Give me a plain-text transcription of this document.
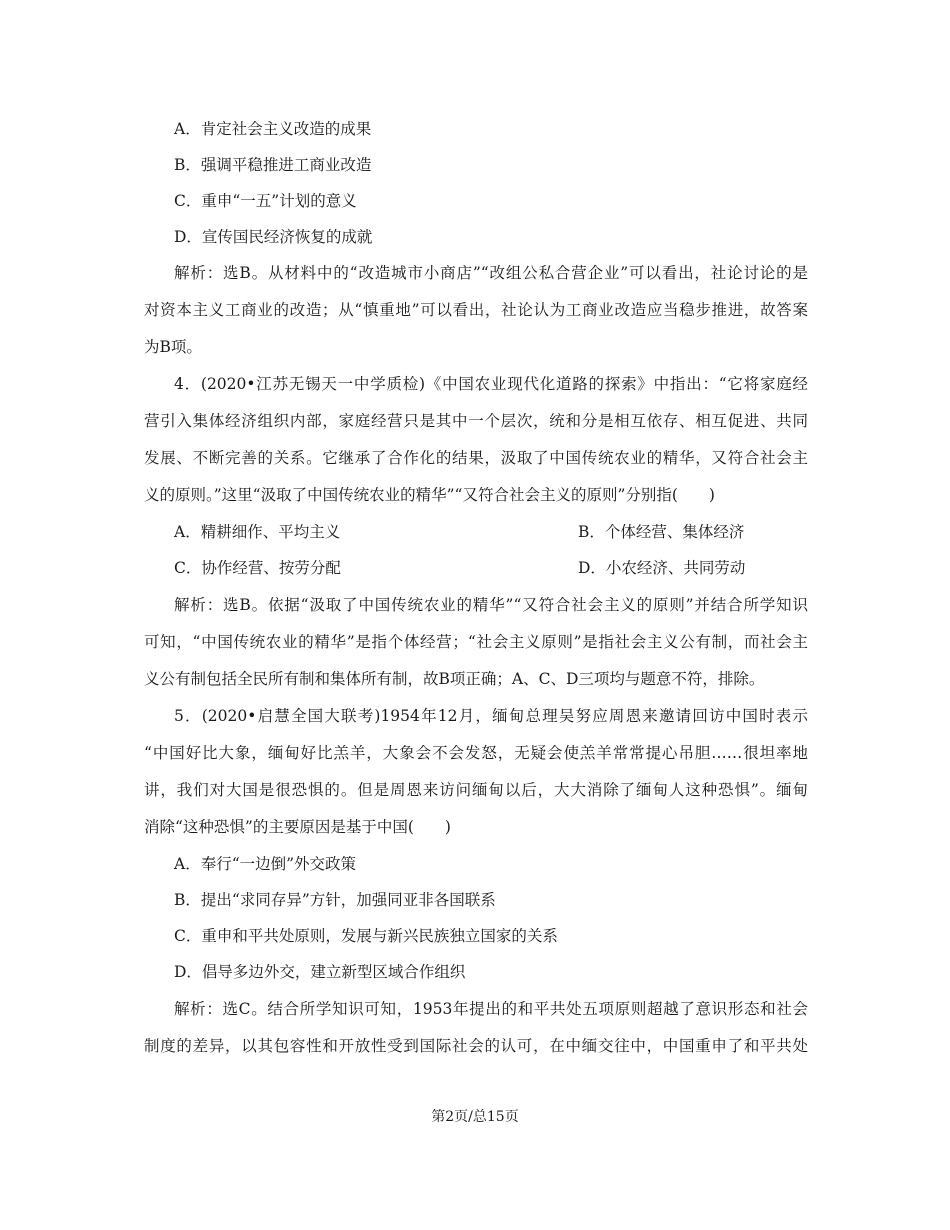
A．肯定社会主义改造的成果
B．强调平稳推进工商业改造
C．重申“一五”计划的意义
D．宣传国民经济恢复的成就
解析：选B。从材料中的“改造城市小商店”“改组公私合营企业”可以看出，社论讨论的是
对资本主义工商业的改造；从“慎重地”可以看出，社论认为工商业改造应当稳步推进，故答案
为B项。
4．(2020•江苏无锡天一中学质检)《中国农业现代化道路的探索》中指出：“它将家庭经
营引入集体经济组织内部，家庭经营只是其中一个层次，统和分是相互依存、相互促进、共同
发展、不断完善的关系。它继承了合作化的结果，汲取了中国传统农业的精华，又符合社会主
义的原则。”这里“汲取了中国传统农业的精华”“又符合社会主义的原则”分别指(　　)
A．精耕细作、平均主义	B．个体经营、集体经济
C．协作经营、按劳分配	D．小农经济、共同劳动
解析：选B。依据“汲取了中国传统农业的精华”“又符合社会主义的原则”并结合所学知识
可知，“中国传统农业的精华”是指个体经营；“社会主义原则”是指社会主义公有制，而社会主
义公有制包括全民所有制和集体所有制，故B项正确；A、C、D三项均与题意不符，排除。
5．(2020•启慧全国大联考)1954年12月，缅甸总理吴努应周恩来邀请回访中国时表示
“中国好比大象，缅甸好比羔羊，大象会不会发怒，无疑会使羔羊常常提心吊胆……很坦率地
讲，我们对大国是很恐惧的。但是周恩来访问缅甸以后，大大消除了缅甸人这种恐惧”。缅甸
消除“这种恐惧”的主要原因是基于中国(　　)
A．奉行“一边倒”外交政策
B．提出“求同存异”方针，加强同亚非各国联系
C．重申和平共处原则，发展与新兴民族独立国家的关系
D．倡导多边外交，建立新型区域合作组织
解析：选C。结合所学知识可知，1953年提出的和平共处五项原则超越了意识形态和社会
制度的差异，以其包容性和开放性受到国际社会的认可，在中缅交往中，中国重申了和平共处
第2页/总15页
